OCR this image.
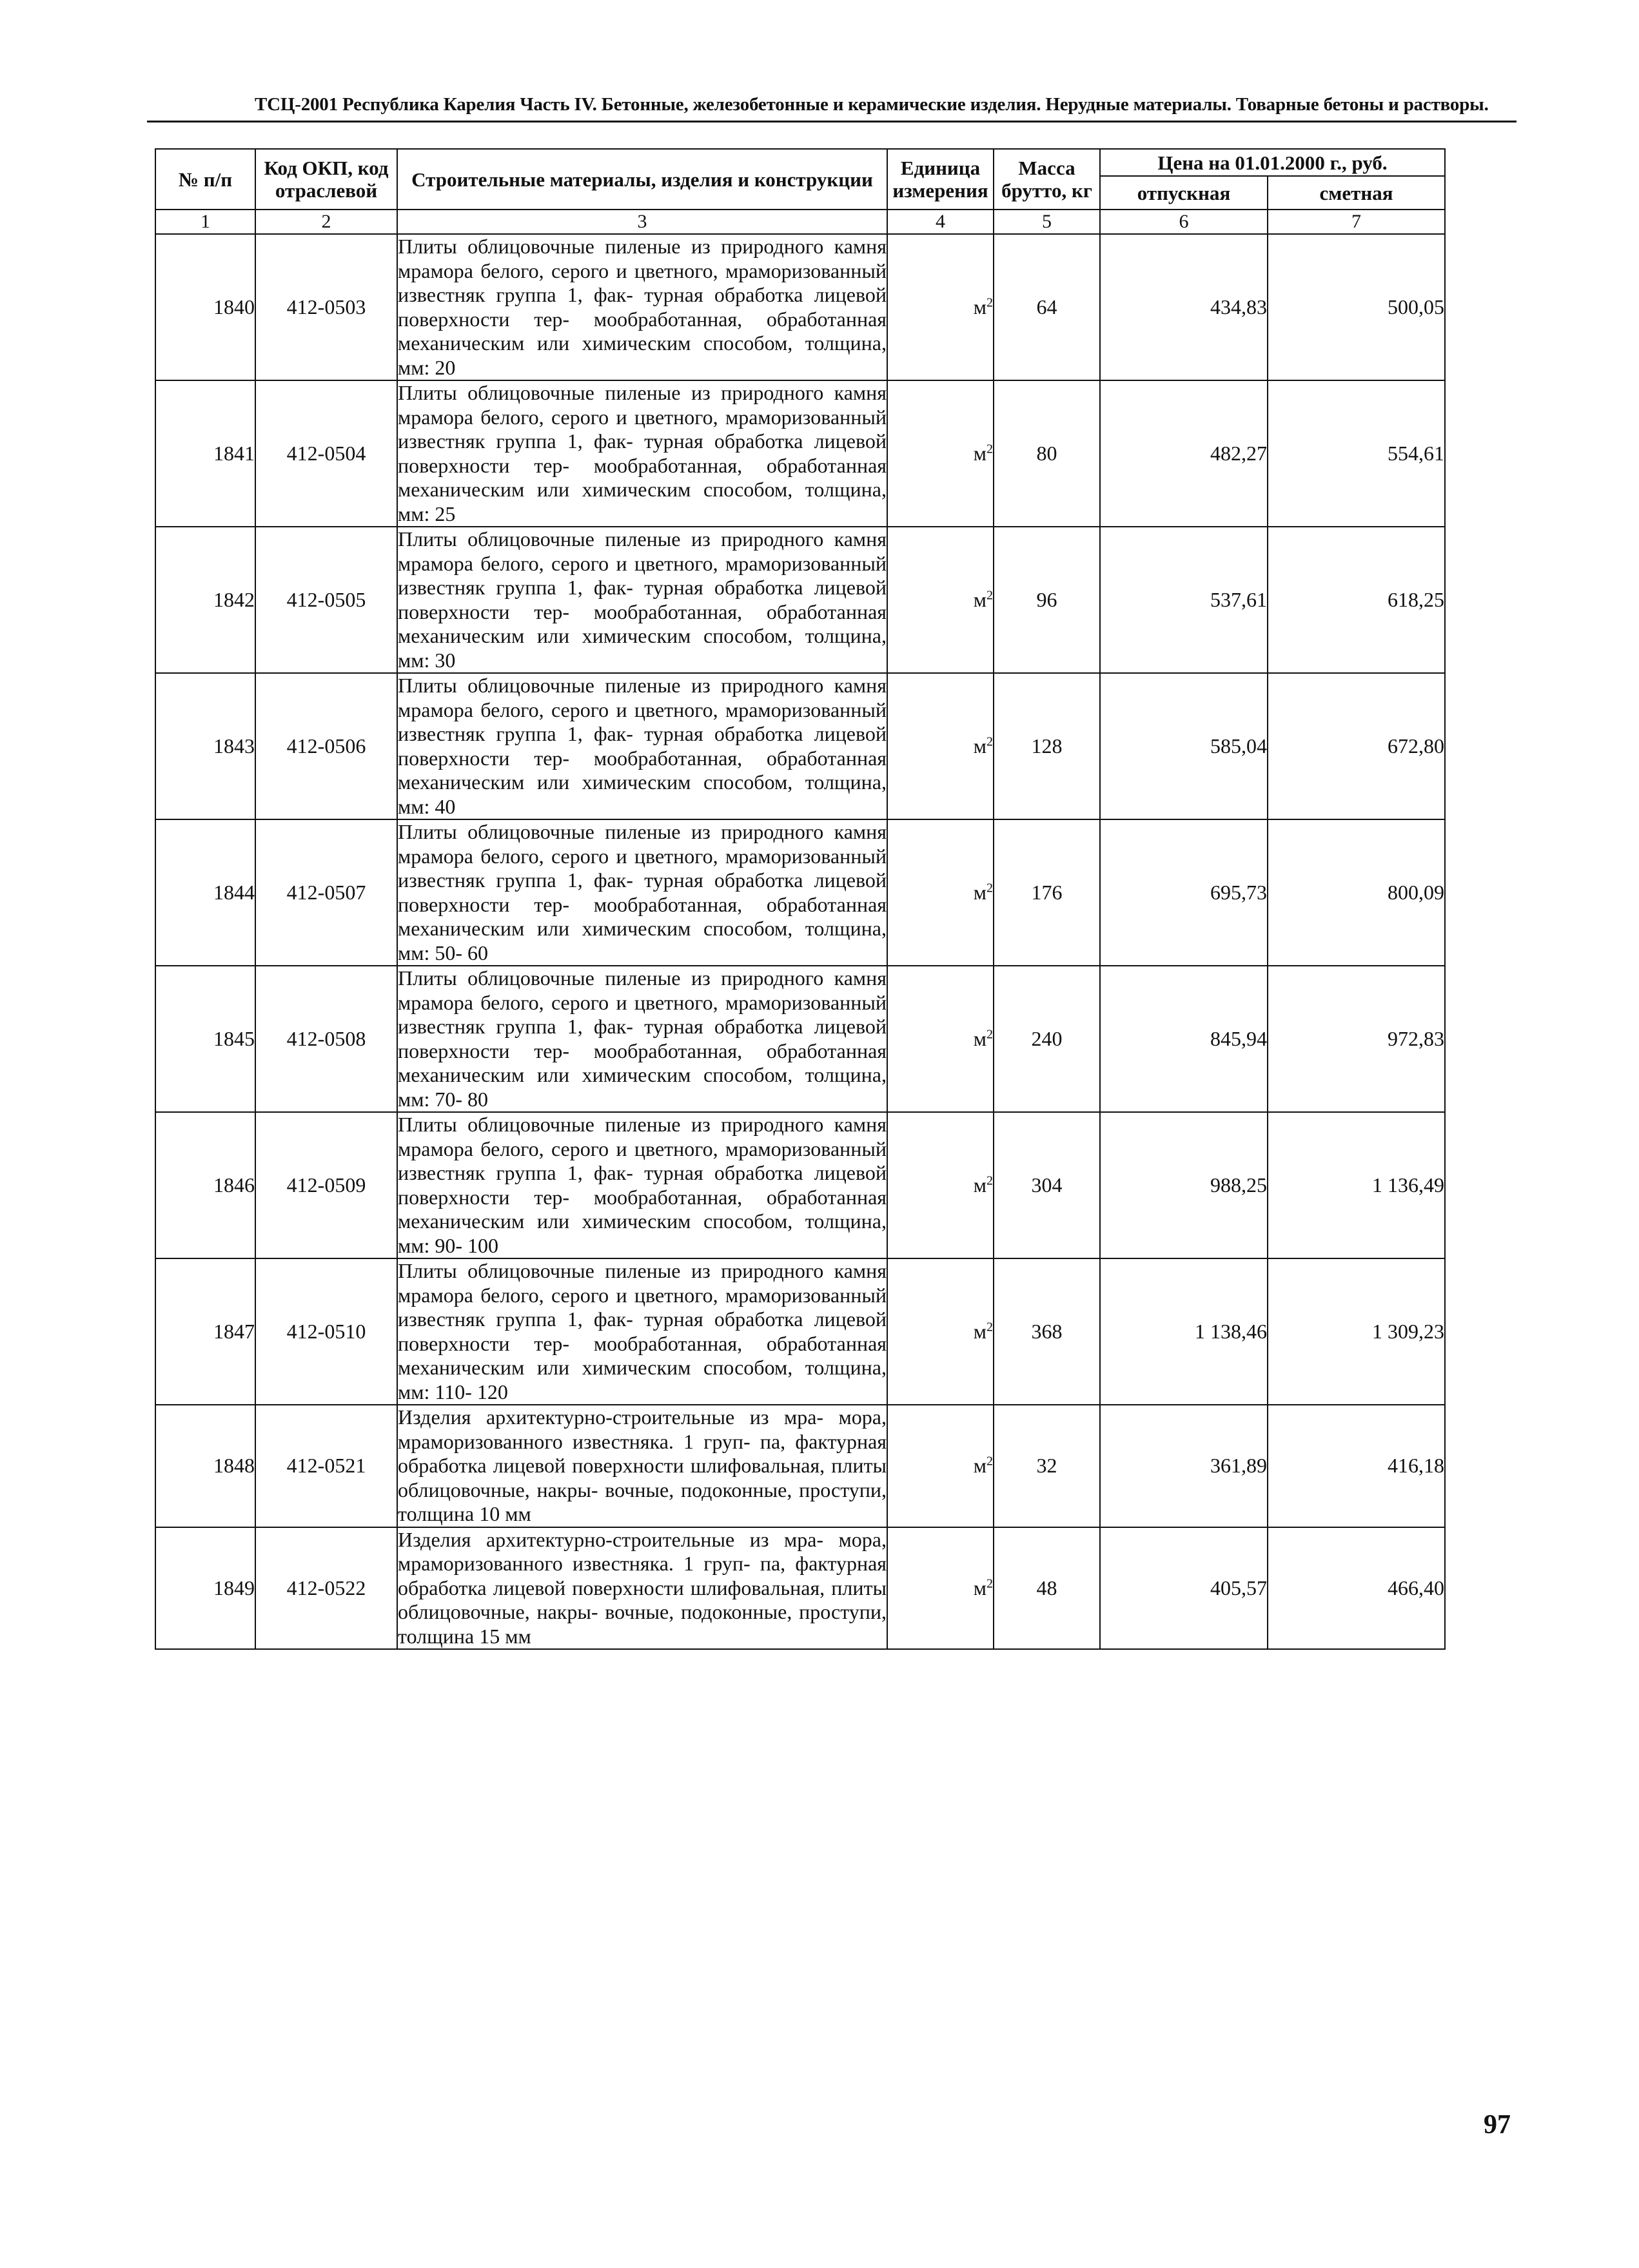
ТСЦ-2001 Республика Карелия Часть IV. Бетонные, железобетонные и керамические изделия. Нерудные материалы. Товарные бетоны и растворы.
№ п/п	Код ОКП, код отраслевой	Строительные материалы, изделия и конструкции	Единица измерения	Масса брутто, кг	Цена на 01.01.2000 г., руб.	
					отпускная	сметная
1	2	3	4	5	6	7
1840	412-0503	Плиты облицовочные пиленые из природного камня мрамора белого, серого и цветного, мраморизованный известняк группа 1, фак- турная обработка лицевой поверхности тер- мообработанная, обработанная механическим или химическим способом, толщина, мм: 20	$м^2$	64	434,83	500,05
1841	412-0504	Плиты облицовочные пиленые из природного камня мрамора белого, серого и цветного, мраморизованный известняк группа 1, фак- турная обработка лицевой поверхности тер- мообработанная, обработанная механическим или химическим способом, толщина, мм: 25	$м^2$	80	482,27	554,61
1842	412-0505	Плиты облицовочные пиленые из природного камня мрамора белого, серого и цветного, мраморизованный известняк группа 1, фак- турная обработка лицевой поверхности тер- мообработанная, обработанная механическим или химическим способом, толщина, мм: 30	$м^2$	96	537,61	618,25
1843	412-0506	Плиты облицовочные пиленые из природного камня мрамора белого, серого и цветного, мраморизованный известняк группа 1, фак- турная обработка лицевой поверхности тер- мообработанная, обработанная механическим или химическим способом, толщина, мм: 40	$м^2$	128	585,04	672,80
1844	412-0507	Плиты облицовочные пиленые из природного камня мрамора белого, серого и цветного, мраморизованный известняк группа 1, фак- турная обработка лицевой поверхности тер- мообработанная, обработанная механическим или химическим способом, толщина, мм: 50- 60	$м^2$	176	695,73	800,09
1845	412-0508	Плиты облицовочные пиленые из природного камня мрамора белого, серого и цветного, мраморизованный известняк группа 1, фак- турная обработка лицевой поверхности тер- мообработанная, обработанная механическим или химическим способом, толщина, мм: 70- 80	$м^2$	240	845,94	972,83
1846	412-0509	Плиты облицовочные пиленые из природного камня мрамора белого, серого и цветного, мраморизованный известняк группа 1, фак- турная обработка лицевой поверхности тер- мообработанная, обработанная механическим или химическим способом, толщина, мм: 90- 100	$м^2$	304	988,25	1 136,49
1847	412-0510	Плиты облицовочные пиленые из природного камня мрамора белого, серого и цветного, мраморизованный известняк группа 1, фак- турная обработка лицевой поверхности тер- мообработанная, обработанная механическим или химическим способом, толщина, мм: 110- 120	$м^2$	368	1 138,46	1 309,23
1848	412-0521	Изделия архитектурно-строительные из мра- мора, мраморизованного известняка. 1 груп- па, фактурная обработка лицевой поверхности шлифовальная, плиты облицовочные, накры- вочные, подоконные, проступи, толщина 10 мм	$м^2$	32	361,89	416,18
1849	412-0522	Изделия архитектурно-строительные из мра- мора, мраморизованного известняка. 1 груп- па, фактурная обработка лицевой поверхности шлифовальная, плиты облицовочные, накры- вочные, подоконные, проступи, толщина 15 мм	$м^2$	48	405,57	466,40
97
